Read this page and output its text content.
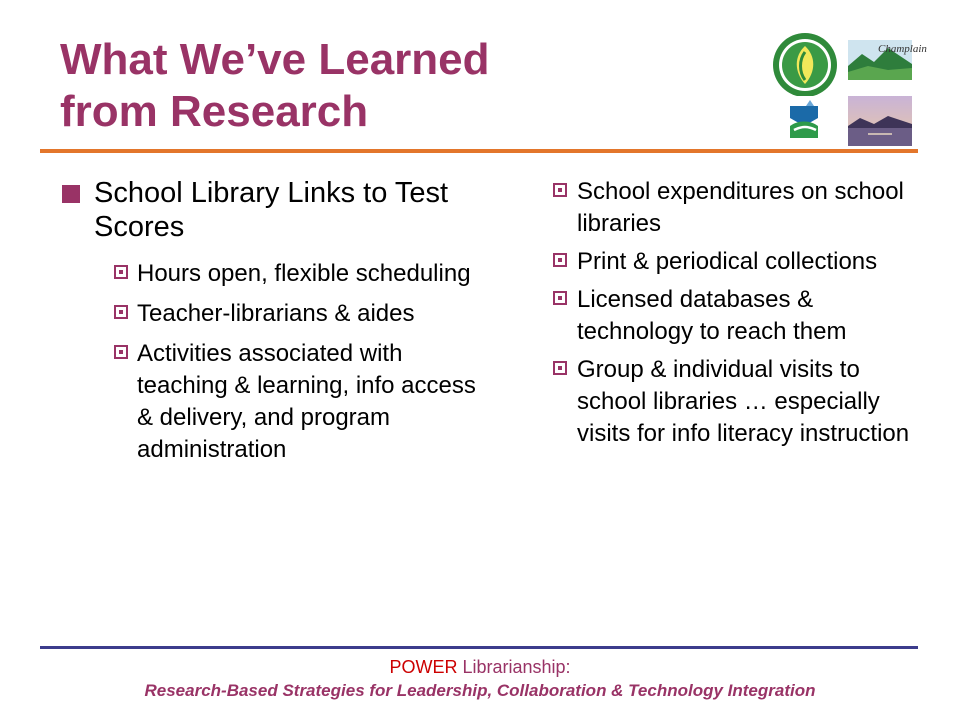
What We’ve Learned
from Research
Champlain
School Library Links to Test Scores
Hours open, flexible scheduling
Teacher-librarians & aides
Activities associated with teaching & learning, info access & delivery, and program administration
School expenditures on school libraries
Print & periodical collections
Licensed databases & technology to reach them
Group & individual visits to school libraries … especially visits for info literacy instruction
POWER Librarianship:
Research-Based Strategies for Leadership, Collaboration & Technology Integration
